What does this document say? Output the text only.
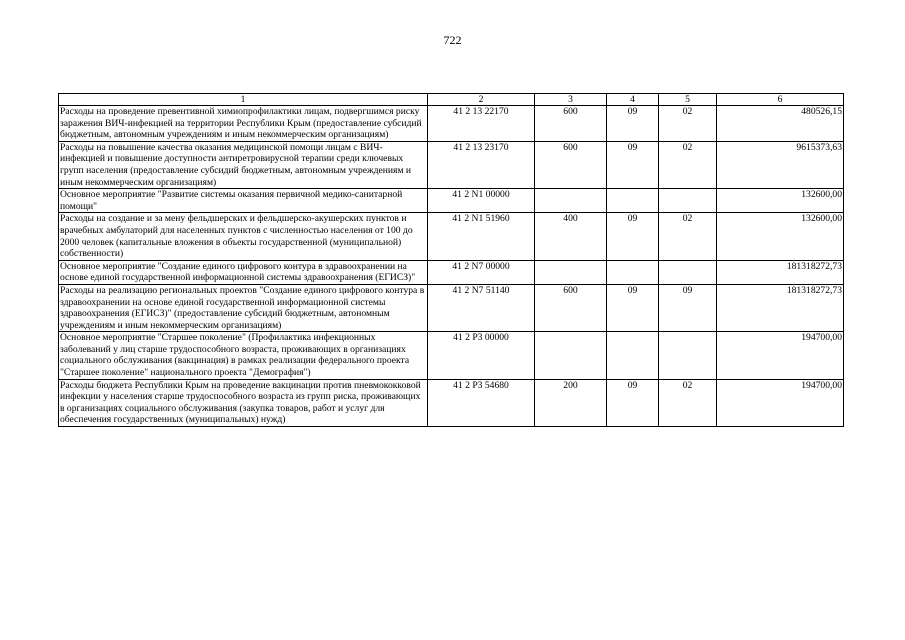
722
1	2	3	4	5	6
Расходы на проведение превентивной химиопрофилактики лицам, подвергшимся риску заражения ВИЧ-инфекцией на территории Республики Крым (предоставление субсидий бюджетным, автономным учреждениям и иным некоммерческим организациям)	41 2 13 22170	600	09	02	480526,15
Расходы на повышение качества оказания медицинской помощи лицам с ВИЧ-инфекцией и повышение доступности антиретровирусной терапии среди ключевых групп населения (предоставление субсидий бюджетным, автономным учреждениям и иным некоммерческим организациям)	41 2 13 23170	600	09	02	9615373,63
Основное мероприятие "Развитие системы оказания первичной медико-санитарной помощи"	41 2 N1 00000				132600,00
Расходы на создание и за мену фельдшерских и фельдшерско-акушерских пунктов и врачебных амбулаторий для населенных пунктов с численностью населения от 100 до 2000 человек (капитальные вложения в объекты государственной (муниципальной) собственности)	41 2 N1 51960	400	09	02	132600,00
Основное мероприятие "Создание единого цифрового контура в здравоохранении на основе единой государственной информационной системы здравоохранения (ЕГИСЗ)"	41 2 N7 00000				181318272,73
Расходы на реализацию региональных проектов "Создание единого цифрового контура в здравоохранении на основе единой государственной информационной системы здравоохранения (ЕГИСЗ)" (предоставление субсидий бюджетным, автономным учреждениям и иным некоммерческим организациям)	41 2 N7 51140	600	09	09	181318272,73
Основное мероприятие "Старшее поколение" (Профилактика инфекционных заболеваний у лиц старше трудоспособного возраста, проживающих в организациях социального обслуживания (вакцинация) в рамках реализации федерального проекта "Старшее поколение" национального проекта "Демография")	41 2 P3 00000				194700,00
Расходы бюджета Республики Крым на проведение вакцинации против пневмококковой инфекции у населения старше трудоспособного возраста из групп риска, проживающих в организациях социального обслуживания (закупка товаров, работ и услуг для обеспечения государственных (муниципальных) нужд)	41 2 P3 54680	200	09	02	194700,00
